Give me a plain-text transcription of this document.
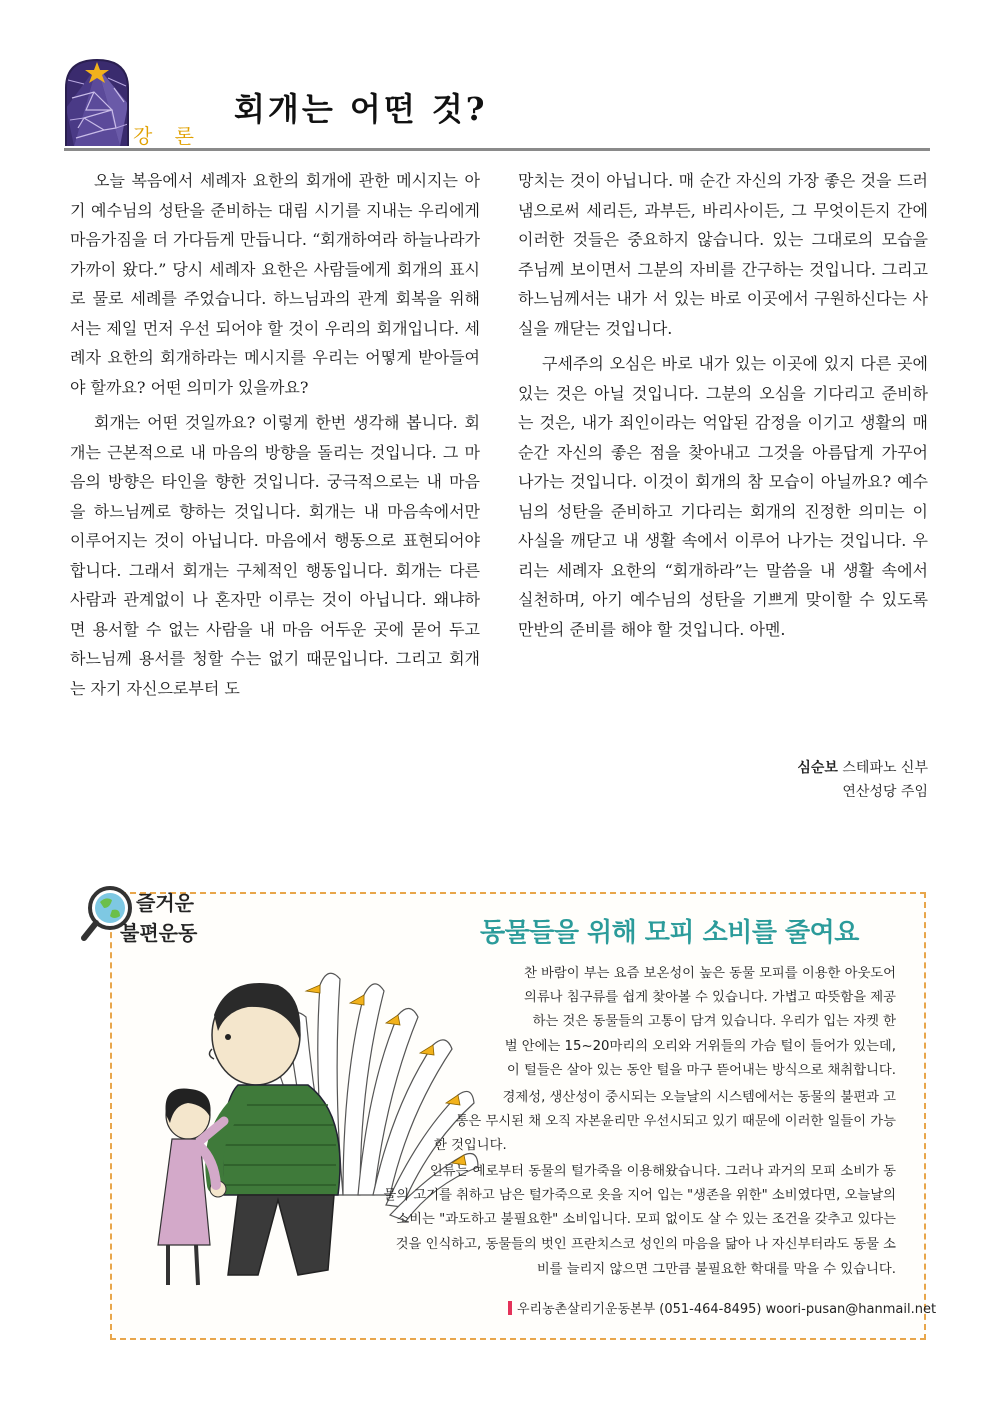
강 론
회개는 어떤 것?

오늘 복음에서 세례자 요한의 회개에 관한 메시지는 아기 예수님의 성탄을 준비하는 대림 시기를 지내는 우리에게 마음가짐을 더 가다듬게 만듭니다. “회개하여라 하늘나라가 가까이 왔다.” 당시 세례자 요한은 사람들에게 회개의 표시로 물로 세례를 주었습니다. 하느님과의 관계 회복을 위해서는 제일 먼저 우선 되어야 할 것이 우리의 회개입니다. 세례자 요한의 회개하라는 메시지를 우리는 어떻게 받아들여야 할까요? 어떤 의미가 있을까요?

회개는 어떤 것일까요? 이렇게 한번 생각해 봅니다. 회개는 근본적으로 내 마음의 방향을 돌리는 것입니다. 그 마음의 방향은 타인을 향한 것입니다. 궁극적으로는 내 마음을 하느님께로 향하는 것입니다. 회개는 내 마음속에서만 이루어지는 것이 아닙니다. 마음에서 행동으로 표현되어야 합니다. 그래서 회개는 구체적인 행동입니다. 회개는 다른 사람과 관계없이 나 혼자만 이루는 것이 아닙니다. 왜냐하면 용서할 수 없는 사람을 내 마음 어두운 곳에 묻어 두고 하느님께 용서를 청할 수는 없기 때문입니다. 그리고 회개는 자기 자신으로부터 도

망치는 것이 아닙니다. 매 순간 자신의 가장 좋은 것을 드러냄으로써 세리든, 과부든, 바리사이든, 그 무엇이든지 간에 이러한 것들은 중요하지 않습니다. 있는 그대로의 모습을 주님께 보이면서 그분의 자비를 간구하는 것입니다. 그리고 하느님께서는 내가 서 있는 바로 이곳에서 구원하신다는 사실을 깨닫는 것입니다.

구세주의 오심은 바로 내가 있는 이곳에 있지 다른 곳에 있는 것은 아닐 것입니다. 그분의 오심을 기다리고 준비하는 것은, 내가 죄인이라는 억압된 감정을 이기고 생활의 매 순간 자신의 좋은 점을 찾아내고 그것을 아름답게 가꾸어 나가는 것입니다. 이것이 회개의 참 모습이 아닐까요? 예수님의 성탄을 준비하고 기다리는 회개의 진정한 의미는 이 사실을 깨닫고 내 생활 속에서 이루어 나가는 것입니다. 우리는 세례자 요한의 “회개하라”는 말씀을 내 생활 속에서 실천하며, 아기 예수님의 성탄을 기쁘게 맞이할 수 있도록 만반의 준비를 해야 할 것입니다. 아멘.

심순보 스테파노 신부
연산성당 주임
즐거운
불편운동	동물들을 위해 모피 소비를 줄여요
찬 바람이 부는 요즘 보온성이 높은 동물 모피를 이용한 아웃도어
의류나 침구류를 쉽게 찾아볼 수 있습니다. 가볍고 따뜻함을 제공
하는 것은 동물들의 고통이 담겨 있습니다. 우리가 입는 자켓 한
벌 안에는 15~20마리의 오리와 거위들의 가슴 털이 들어가 있는데,
이 털들은 살아 있는 동안 털을 마구 뜯어내는 방식으로 채취합니다.
경제성, 생산성이 중시되는 오늘날의 시스템에서는 동물의 불편과 고
통은 무시된 채 오직 자본윤리만 우선시되고 있기 때문에 이러한 일들이 가능
한 것입니다.
인류는 예로부터 동물의 털가죽을 이용해왔습니다. 그러나 과거의 모피 소비가 동
물의 고기를 취하고 남은 털가죽으로 옷을 지어 입는 "생존을 위한" 소비였다면, 오늘날의
소비는 "과도하고 불필요한" 소비입니다. 모피 없이도 살 수 있는 조건을 갖추고 있다는
것을 인식하고, 동물들의 벗인 프란치스코 성인의 마음을 닮아 나 자신부터라도 동물 소
비를 늘리지 않으면 그만큼 불필요한 학대를 막을 수 있습니다.
우리농촌살리기운동본부 (051-464-8495) woori-pusan@hanmail.net
